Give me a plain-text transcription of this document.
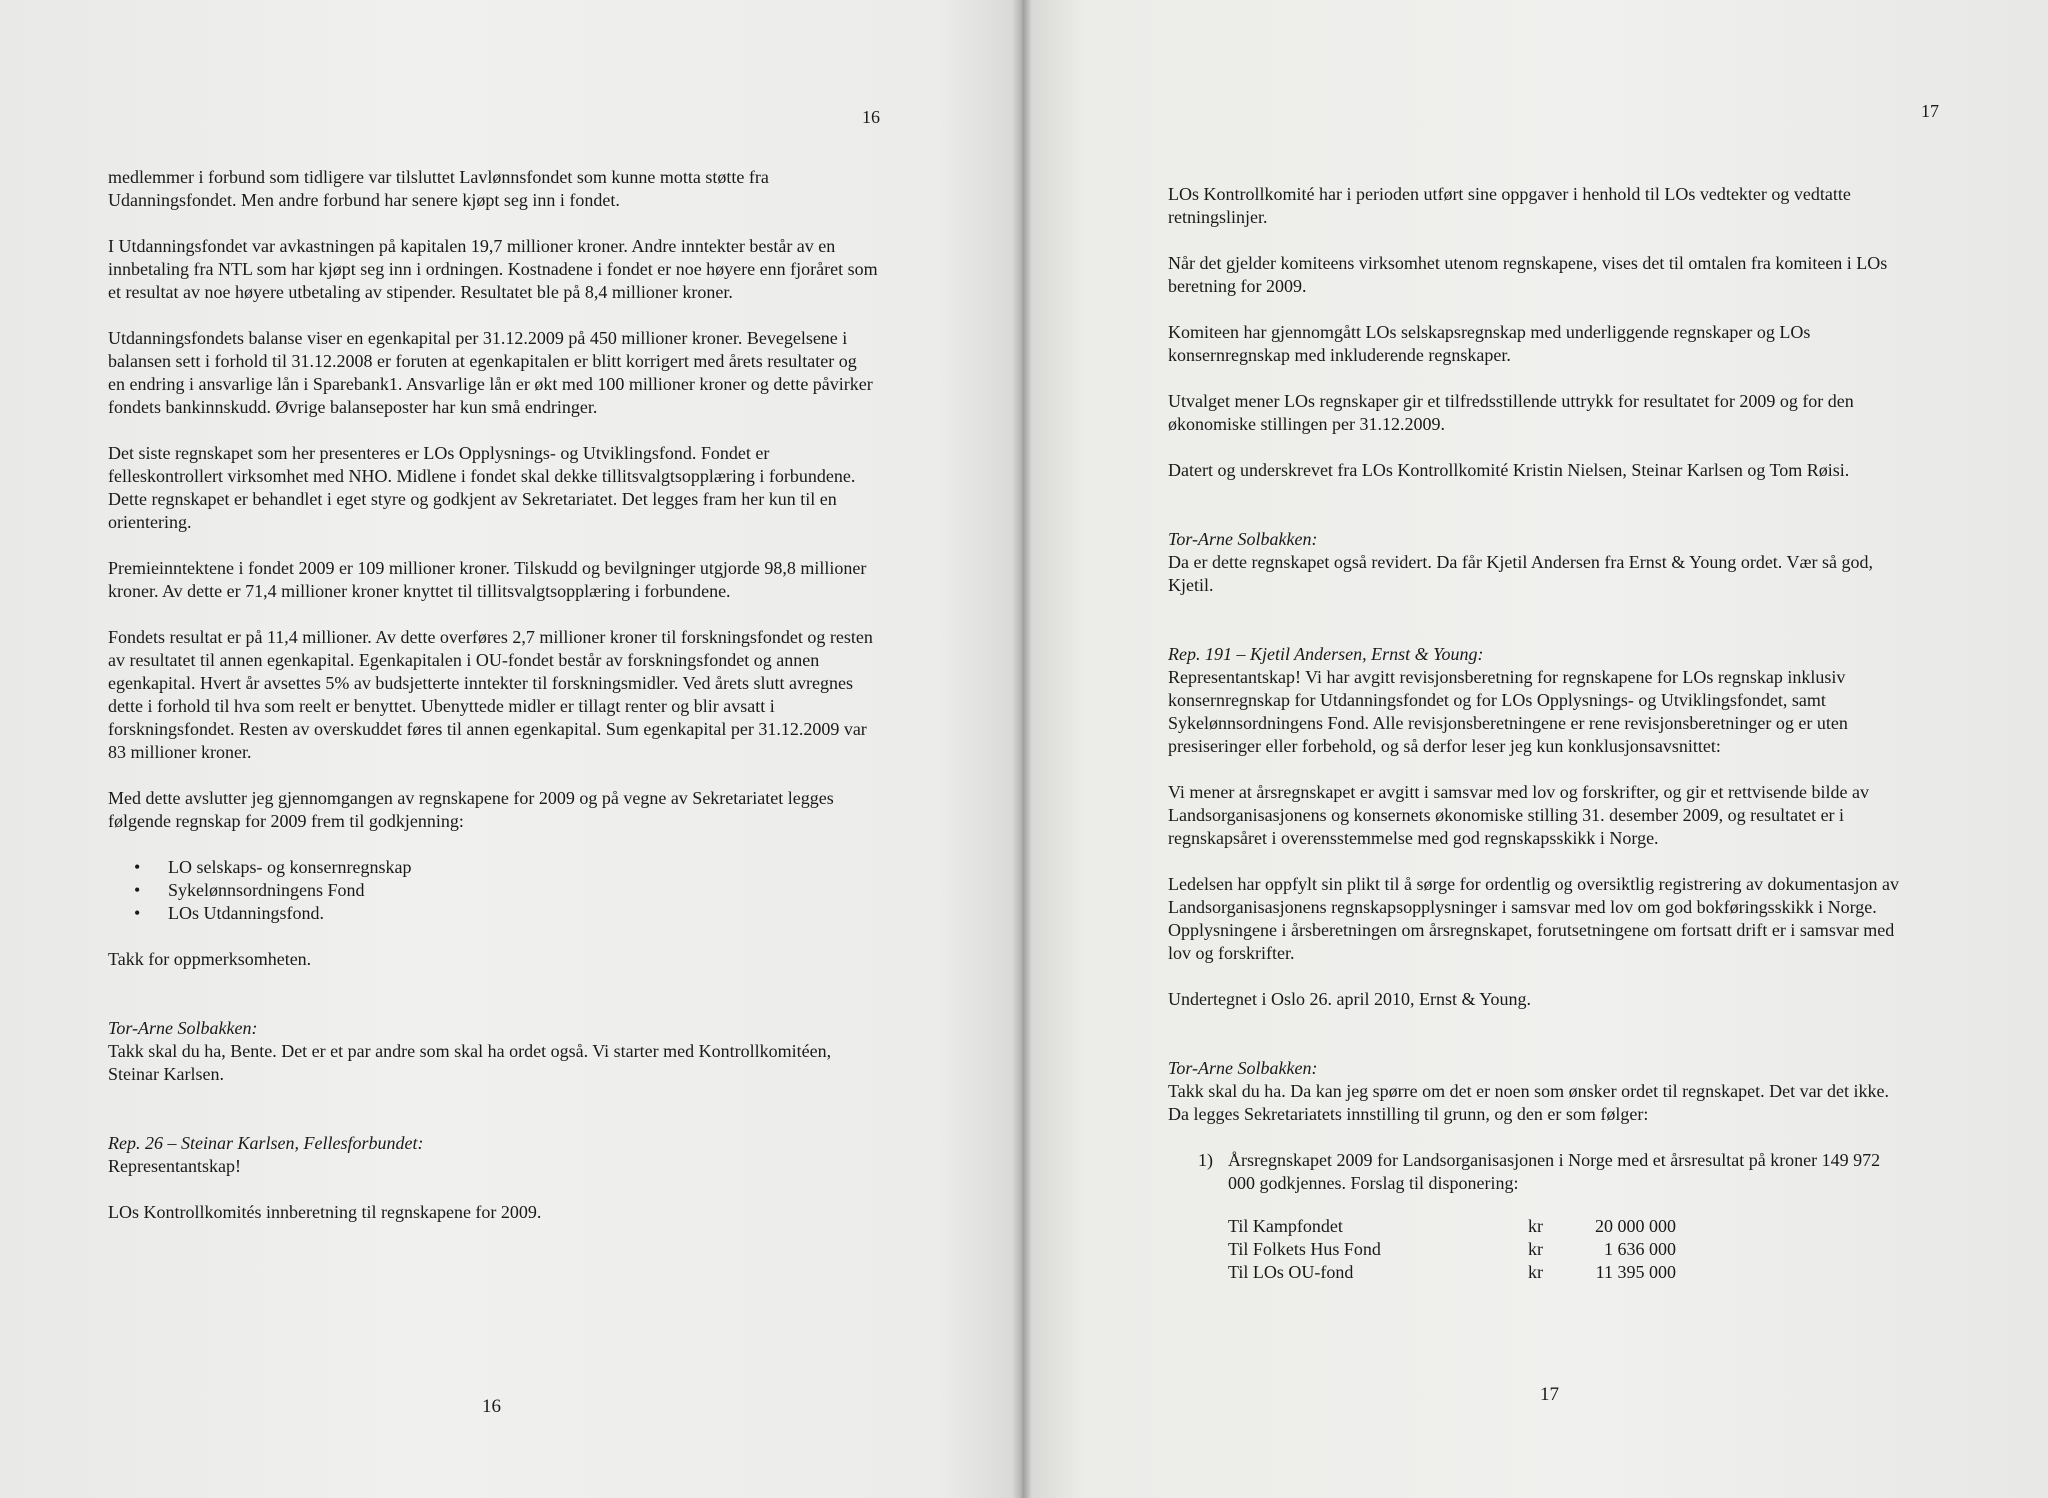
16

medlemmer i forbund som tidligere var tilsluttet Lavlønnsfondet som kunne motta støtte fra Udanningsfondet. Men andre forbund har senere kjøpt seg inn i fondet.

I Utdanningsfondet var avkastningen på kapitalen 19,7 millioner kroner. Andre inntekter består av en innbetaling fra NTL som har kjøpt seg inn i ordningen. Kostnadene i fondet er noe høyere enn fjoråret som et resultat av noe høyere utbetaling av stipender. Resultatet ble på 8,4 millioner kroner.

Utdanningsfondets balanse viser en egenkapital per 31.12.2009 på 450 millioner kroner. Bevegelsene i balansen sett i forhold til 31.12.2008 er foruten at egenkapitalen er blitt korrigert med årets resultater og en endring i ansvarlige lån i Sparebank1. Ansvarlige lån er økt med 100 millioner kroner og dette påvirker fondets bankinnskudd. Øvrige balanseposter har kun små endringer.

Det siste regnskapet som her presenteres er LOs Opplysnings- og Utviklingsfond. Fondet er felleskontrollert virksomhet med NHO. Midlene i fondet skal dekke tillitsvalgtsopplæring i forbundene. Dette regnskapet er behandlet i eget styre og godkjent av Sekretariatet. Det legges fram her kun til en orientering.

Premieinntektene i fondet 2009 er 109 millioner kroner. Tilskudd og bevilgninger utgjorde 98,8 millioner kroner. Av dette er 71,4 millioner kroner knyttet til tillitsvalgtsopplæring i forbundene.

Fondets resultat er på 11,4 millioner. Av dette overføres 2,7 millioner kroner til forskningsfondet og resten av resultatet til annen egenkapital. Egenkapitalen i OU-fondet består av forskningsfondet og annen egenkapital. Hvert år avsettes 5% av budsjetterte inntekter til forskningsmidler. Ved årets slutt avregnes dette i forhold til hva som reelt er benyttet. Ubenyttede midler er tillagt renter og blir avsatt i forskningsfondet. Resten av overskuddet føres til annen egenkapital. Sum egenkapital per 31.12.2009 var 83 millioner kroner.

Med dette avslutter jeg gjennomgangen av regnskapene for 2009 og på vegne av Sekretariatet legges følgende regnskap for 2009 frem til godkjenning:

• LO selskaps- og konsernregnskap
• Sykelønnsordningens Fond
• LOs Utdanningsfond.

Takk for oppmerksomheten.

Tor-Arne Solbakken:
Takk skal du ha, Bente. Det er et par andre som skal ha ordet også. Vi starter med Kontrollkomitéen, Steinar Karlsen.

Rep. 26 – Steinar Karlsen, Fellesforbundet:
Representantskap!

LOs Kontrollkomités innberetning til regnskapene for 2009.

16
17
17

LOs Kontrollkomité har i perioden utført sine oppgaver i henhold til LOs vedtekter og vedtatte retningslinjer.

Når det gjelder komiteens virksomhet utenom regnskapene, vises det til omtalen fra komiteen i LOs beretning for 2009.

Komiteen har gjennomgått LOs selskapsregnskap med underliggende regnskaper og LOs konsernregnskap med inkluderende regnskaper.

Utvalget mener LOs regnskaper gir et tilfredsstillende uttrykk for resultatet for 2009 og for den økonomiske stillingen per 31.12.2009.

Datert og underskrevet fra LOs Kontrollkomité Kristin Nielsen, Steinar Karlsen og Tom Røisi.

Tor-Arne Solbakken:
Da er dette regnskapet også revidert. Da får Kjetil Andersen fra Ernst & Young ordet. Vær så god, Kjetil.

Rep. 191 – Kjetil Andersen, Ernst & Young:
Representantskap! Vi har avgitt revisjonsberetning for regnskapene for LOs regnskap inklusiv konsernregnskap for Utdanningsfondet og for LOs Opplysnings- og Utviklingsfondet, samt Sykelønnsordningens Fond. Alle revisjonsberetningene er rene revisjonsberetninger og er uten presiseringer eller forbehold, og så derfor leser jeg kun konklusjonsavsnittet:

Vi mener at årsregnskapet er avgitt i samsvar med lov og forskrifter, og gir et rettvisende bilde av Landsorganisasjonens og konsernets økonomiske stilling 31. desember 2009, og resultatet er i regnskapsåret i overensstemmelse med god regnskapsskikk i Norge.

Ledelsen har oppfylt sin plikt til å sørge for ordentlig og oversiktlig registrering av dokumentasjon av Landsorganisasjonens regnskapsopplysninger i samsvar med lov om god bokføringsskikk i Norge. Opplysningene i årsberetningen om årsregnskapet, forutsetningene om fortsatt drift er i samsvar med lov og forskrifter.

Undertegnet i Oslo 26. april 2010, Ernst & Young.

Tor-Arne Solbakken:
Takk skal du ha. Da kan jeg spørre om det er noen som ønsker ordet til regnskapet. Det var det ikke. Da legges Sekretariatets innstilling til grunn, og den er som følger:

1) Årsregnskapet 2009 for Landsorganisasjonen i Norge med et årsresultat på kroner 149 972 000 godkjennes. Forslag til disponering:
Til Kampfondet	kr	20 000 000
Til Folkets Hus Fond	kr	1 636 000
Til LOs OU-fond	kr	11 395 000
